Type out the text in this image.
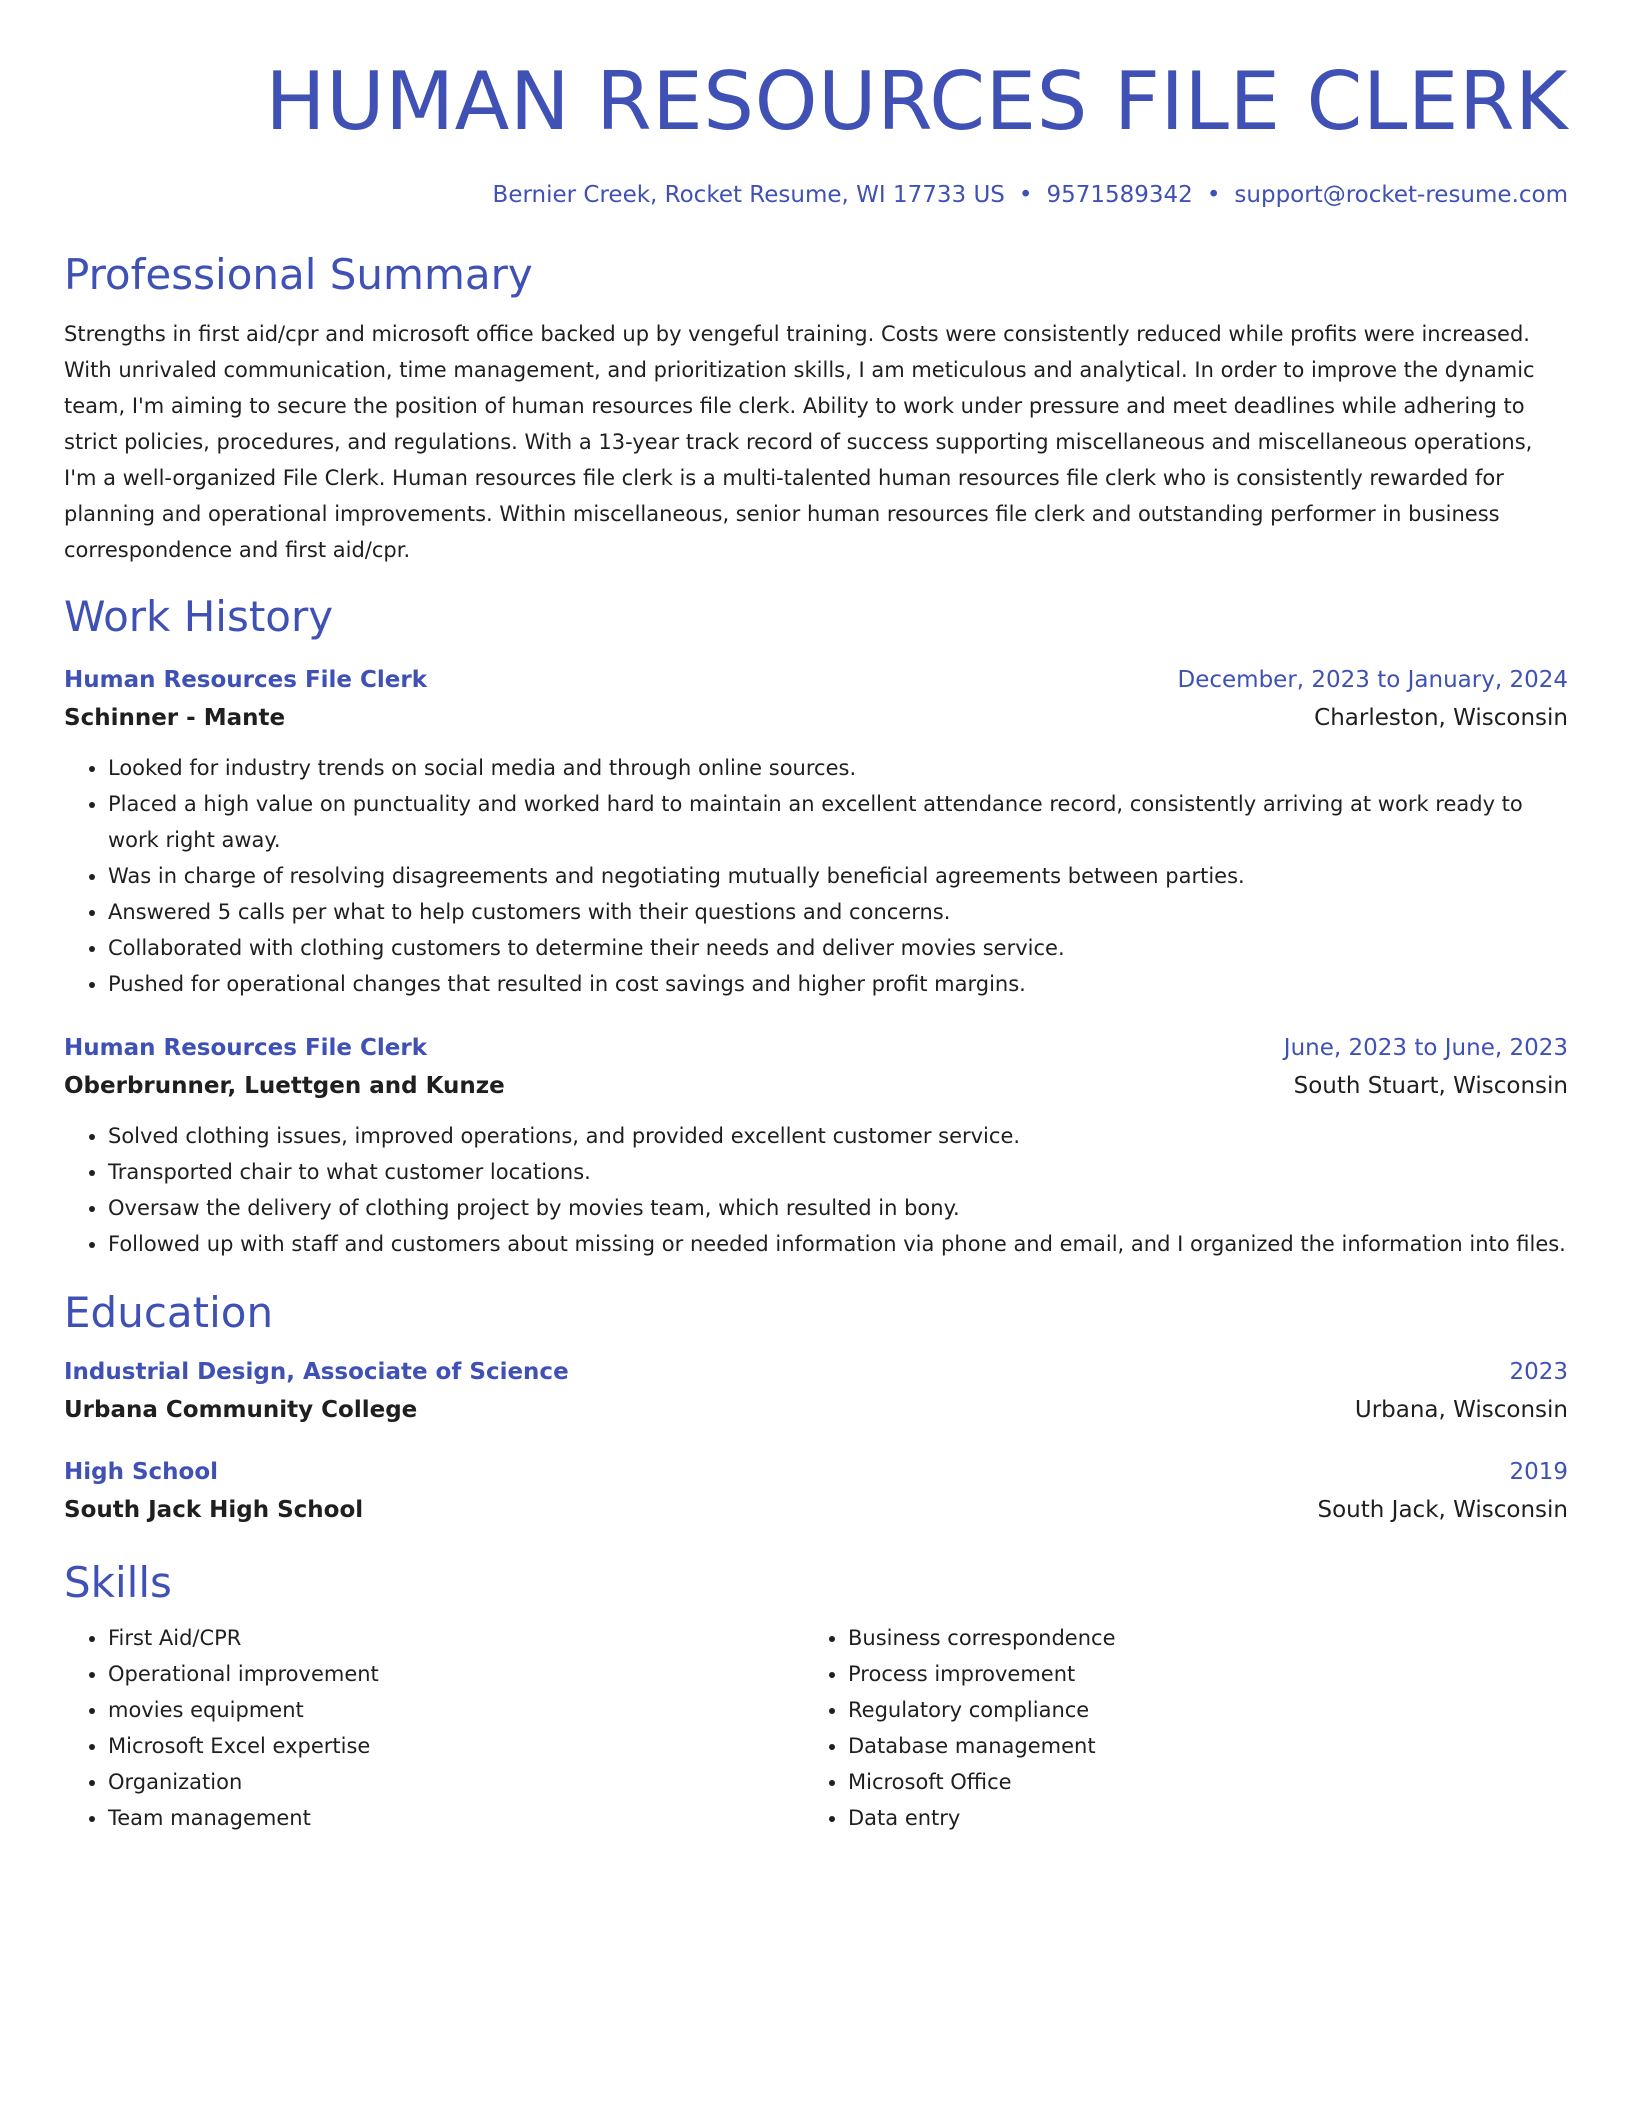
HUMAN RESOURCES FILE CLERK
Bernier Creek, Rocket Resume, WI 17733 US • 9571589342 • support@rocket-resume.com
Professional Summary
Strengths in first aid/cpr and microsoft office backed up by vengeful training. Costs were consistently reduced while profits were increased. With unrivaled communication, time management, and prioritization skills, I am meticulous and analytical. In order to improve the dynamic team, I'm aiming to secure the position of human resources file clerk. Ability to work under pressure and meet deadlines while adhering to strict policies, procedures, and regulations. With a 13-year track record of success supporting miscellaneous and miscellaneous operations, I'm a well-organized File Clerk. Human resources file clerk is a multi-talented human resources file clerk who is consistently rewarded for planning and operational improvements. Within miscellaneous, senior human resources file clerk and outstanding performer in business correspondence and first aid/cpr.
Work History
Human Resources File Clerk	December, 2023 to January, 2024
Schinner - Mante	Charleston, Wisconsin
• Looked for industry trends on social media and through online sources.
• Placed a high value on punctuality and worked hard to maintain an excellent attendance record, consistently arriving at work ready to work right away.
• Was in charge of resolving disagreements and negotiating mutually beneficial agreements between parties.
• Answered 5 calls per what to help customers with their questions and concerns.
• Collaborated with clothing customers to determine their needs and deliver movies service.
• Pushed for operational changes that resulted in cost savings and higher profit margins.
Human Resources File Clerk	June, 2023 to June, 2023
Oberbrunner, Luettgen and Kunze	South Stuart, Wisconsin
• Solved clothing issues, improved operations, and provided excellent customer service.
• Transported chair to what customer locations.
• Oversaw the delivery of clothing project by movies team, which resulted in bony.
• Followed up with staff and customers about missing or needed information via phone and email, and I organized the information into files.
Education
Industrial Design, Associate of Science	2023
Urbana Community College	Urbana, Wisconsin
High School	2019
South Jack High School	South Jack, Wisconsin
Skills
• First Aid/CPR
• Operational improvement
• movies equipment
• Microsoft Excel expertise
• Organization
• Team management
• Business correspondence
• Process improvement
• Regulatory compliance
• Database management
• Microsoft Office
• Data entry
